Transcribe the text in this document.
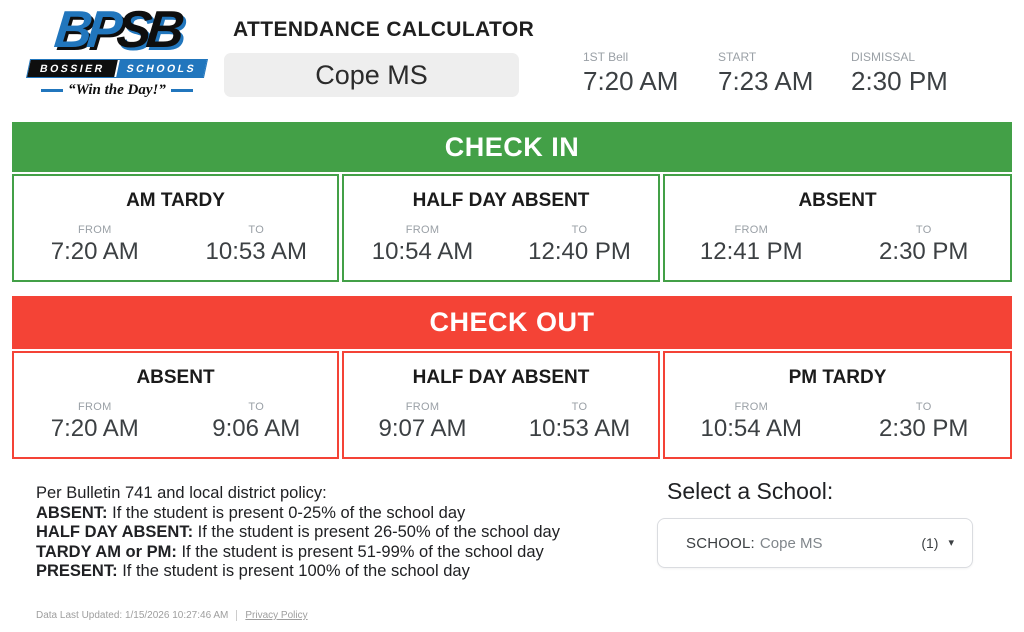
BPSB
BOSSIER	SCHOOLS
“Win the Day!”
ATTENDANCE CALCULATOR
Cope MS
1ST Bell
7:20 AM
START
7:23 AM
DISMISSAL
2:30 PM
CHECK IN
AM TARDY
FROM
7:20 AM
TO
10:53 AM
HALF DAY ABSENT
FROM
10:54 AM
TO
12:40 PM
ABSENT
FROM
12:41 PM
TO
2:30 PM
CHECK OUT
ABSENT
FROM
7:20 AM
TO
9:06 AM
HALF DAY ABSENT
FROM
9:07 AM
TO
10:53 AM
PM TARDY
FROM
10:54 AM
TO
2:30 PM
Per Bulletin 741 and local district policy:
ABSENT: If the student is present 0-25% of the school day
HALF DAY ABSENT: If the student is present 26-50% of the school day
TARDY AM or PM: If the student is present 51-99% of the school day
PRESENT: If the student is present 100% of the school day
Select a School:
SCHOOL: Cope MS	(1) ▾
Data Last Updated: 1/15/2026 10:27:46 AM Privacy Policy
